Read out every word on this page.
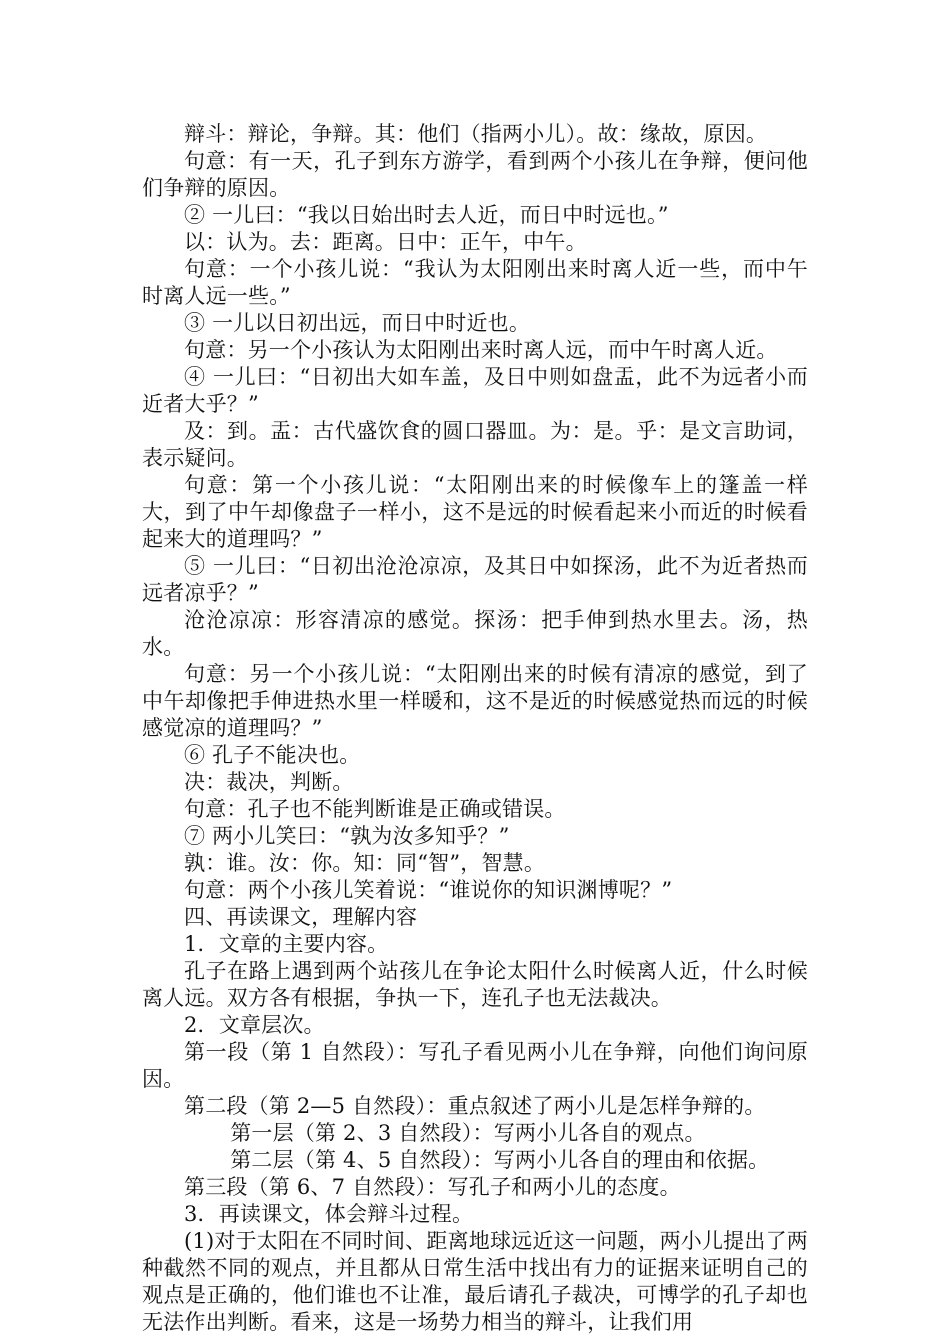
辩斗：辩论，争辩。其：他们（指两小儿）。故：缘故，原因。

句意：有一天，孔子到东方游学，看到两个小孩儿在争辩，便问他们争辩的原因。

② 一儿曰：“我以日始出时去人近，而日中时远也。”

以：认为。去：距离。日中：正午，中午。

句意：一个小孩儿说：“我认为太阳刚出来时离人近一些，而中午时离人远一些。”

③ 一儿以日初出远，而日中时近也。

句意：另一个小孩认为太阳刚出来时离人远，而中午时离人近。

④ 一儿曰：“日初出大如车盖，及日中则如盘盂，此不为远者小而近者大乎？”

及：到。盂：古代盛饮食的圆口器皿。为：是。乎：是文言助词，表示疑问。

句意：第一个小孩儿说：“太阳刚出来的时候像车上的篷盖一样大，到了中午却像盘子一样小，这不是远的时候看起来小而近的时候看起来大的道理吗？”

⑤ 一儿曰：“日初出沧沧凉凉，及其日中如探汤，此不为近者热而远者凉乎？”

沧沧凉凉：形容清凉的感觉。探汤：把手伸到热水里去。汤，热水。

句意：另一个小孩儿说：“太阳刚出来的时候有清凉的感觉，到了中午却像把手伸进热水里一样暖和，这不是近的时候感觉热而远的时候感觉凉的道理吗？”

⑥ 孔子不能决也。

决：裁决，判断。

句意：孔子也不能判断谁是正确或错误。

⑦ 两小儿笑曰：“孰为汝多知乎？”

孰：谁。汝：你。知：同“智”，智慧。

句意：两个小孩儿笑着说：“谁说你的知识渊博呢？”

四、再读课文，理解内容

1．文章的主要内容。

孔子在路上遇到两个站孩儿在争论太阳什么时候离人近，什么时候离人远。双方各有根据，争执一下，连孔子也无法裁决。

2．文章层次。

第一段（第 1 自然段）：写孔子看见两小儿在争辩，向他们询问原因。

第二段（第 2—5 自然段）：重点叙述了两小儿是怎样争辩的。

第一层（第 2、3 自然段）：写两小儿各自的观点。

第二层（第 4、5 自然段）：写两小儿各自的理由和依据。

第三段（第 6、7 自然段）：写孔子和两小儿的态度。

3．再读课文，体会辩斗过程。

(1)对于太阳在不同时间、距离地球远近这一问题，两小儿提出了两种截然不同的观点，并且都从日常生活中找出有力的证据来证明自己的观点是正确的，他们谁也不让准，最后请孔子裁决，可博学的孔子却也无法作出判断。看来，这是一场势力相当的辩斗，让我们用
